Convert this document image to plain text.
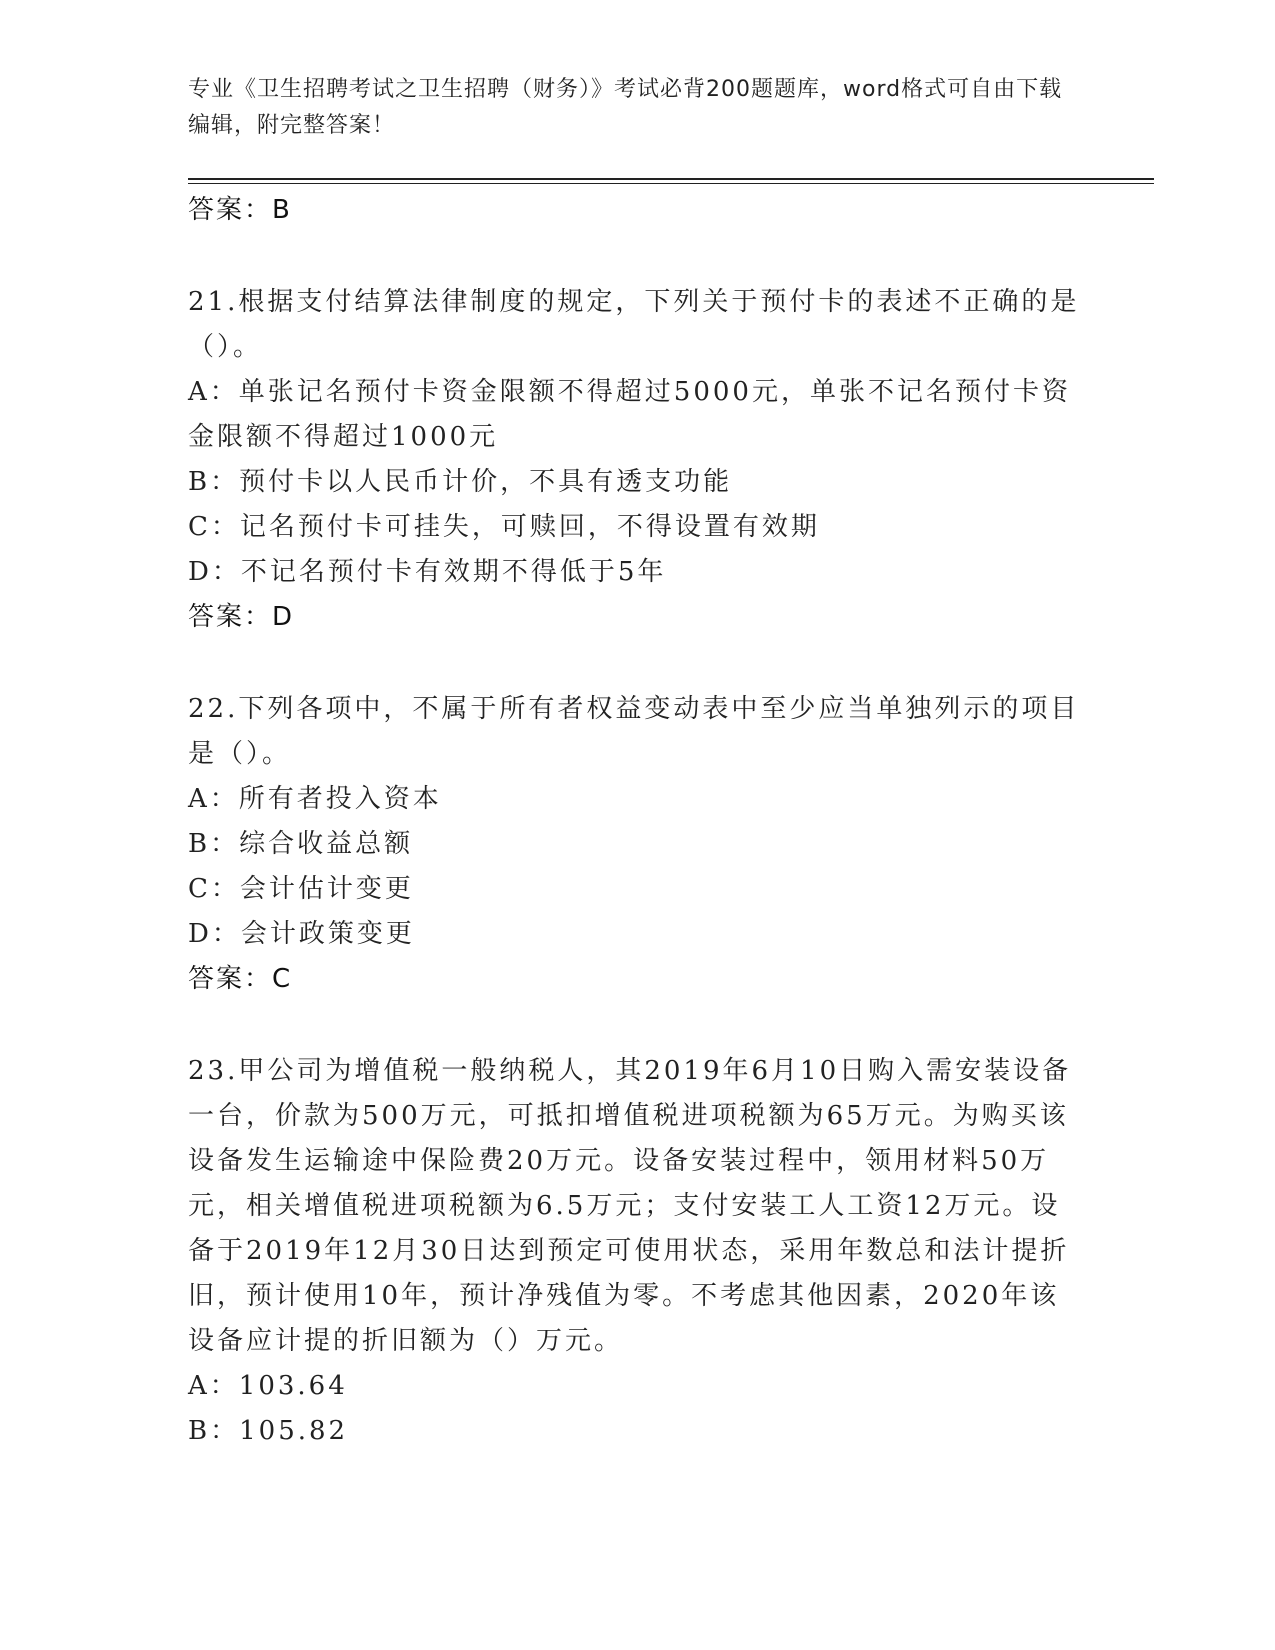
专业《卫生招聘考试之卫生招聘（财务）》考试必背200题题库，word格式可自由下载编辑，附完整答案！
答案：B

21.根据支付结算法律制度的规定，下列关于预付卡的表述不正确的是（）。

A：单张记名预付卡资金限额不得超过5000元，单张不记名预付卡资金限额不得超过1000元

B：预付卡以人民币计价，不具有透支功能

C：记名预付卡可挂失，可赎回，不得设置有效期

D：不记名预付卡有效期不得低于5年

答案：D

22.下列各项中，不属于所有者权益变动表中至少应当单独列示的项目是（）。

A：所有者投入资本

B：综合收益总额

C：会计估计变更

D：会计政策变更

答案：C

23.甲公司为增值税一般纳税人，其2019年6月10日购入需安装设备一台，价款为500万元，可抵扣增值税进项税额为65万元。为购买该设备发生运输途中保险费20万元。设备安装过程中，领用材料50万元，相关增值税进项税额为6.5万元；支付安装工人工资12万元。设备于2019年12月30日达到预定可使用状态，采用年数总和法计提折旧，预计使用10年，预计净残值为零。不考虑其他因素，2020年该设备应计提的折旧额为（）万元。

A：103.64

B：105.82
